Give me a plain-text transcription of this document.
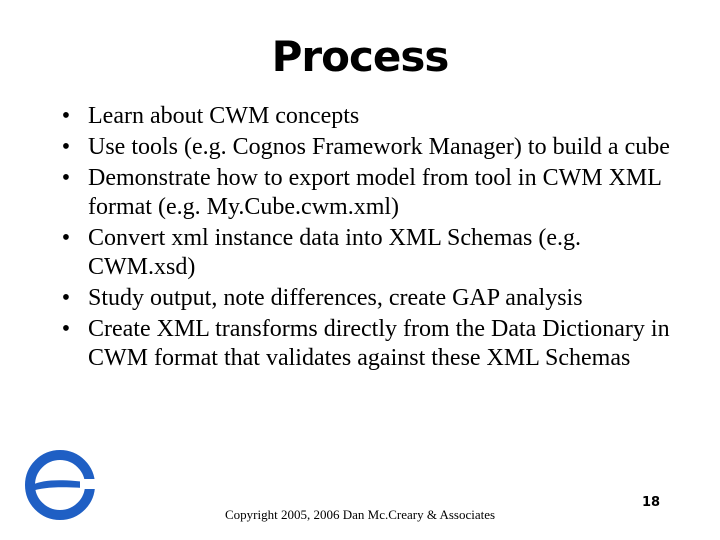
Process
• Learn about CWM concepts
• Use tools (e.g. Cognos Framework Manager) to build a cube
• Demonstrate how to export model from tool in CWM XML format (e.g. My.Cube.cwm.xml)
• Convert xml instance data into XML Schemas (e.g. CWM.xsd)
• Study output, note differences, create GAP analysis
• Create XML transforms directly from the Data Dictionary in CWM format that validates against these XML Schemas
Copyright 2005, 2006 Dan Mc.Creary & Associates
18
